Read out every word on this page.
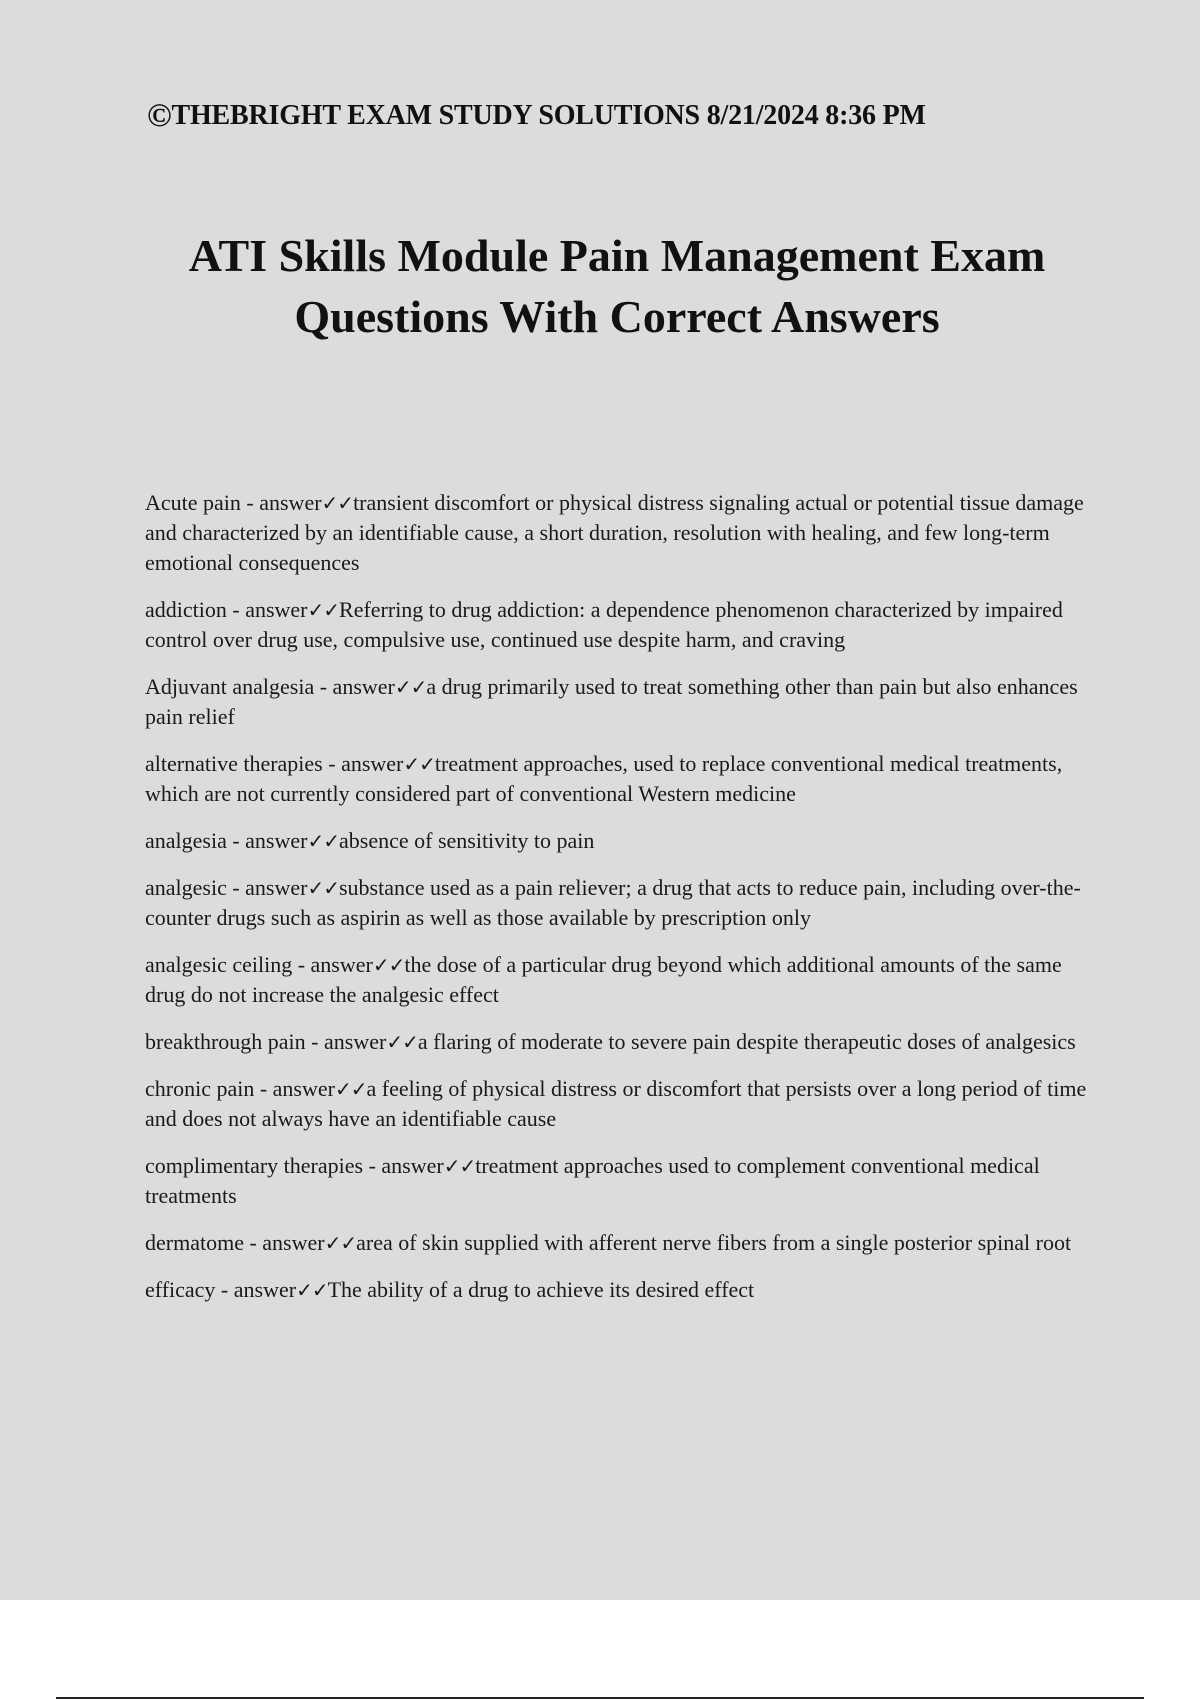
©THEBRIGHT EXAM STUDY SOLUTIONS 8/21/2024 8:36 PM
ATI Skills Module Pain Management Exam
Questions With Correct Answers
Acute pain - answer✓✓transient discomfort or physical distress signaling actual or potential tissue damage and characterized by an identifiable cause, a short duration, resolution with healing, and few long-term emotional consequences
addiction - answer✓✓Referring to drug addiction: a dependence phenomenon characterized by impaired control over drug use, compulsive use, continued use despite harm, and craving
Adjuvant analgesia - answer✓✓a drug primarily used to treat something other than pain but also enhances pain relief
alternative therapies - answer✓✓treatment approaches, used to replace conventional medical treatments, which are not currently considered part of conventional Western medicine
analgesia - answer✓✓absence of sensitivity to pain
analgesic - answer✓✓substance used as a pain reliever; a drug that acts to reduce pain, including over-the-counter drugs such as aspirin as well as those available by prescription only
analgesic ceiling - answer✓✓the dose of a particular drug beyond which additional amounts of the same drug do not increase the analgesic effect
breakthrough pain - answer✓✓a flaring of moderate to severe pain despite therapeutic doses of analgesics
chronic pain - answer✓✓a feeling of physical distress or discomfort that persists over a long period of time and does not always have an identifiable cause
complimentary therapies - answer✓✓treatment approaches used to complement conventional medical treatments
dermatome - answer✓✓area of skin supplied with afferent nerve fibers from a single posterior spinal root
efficacy - answer✓✓The ability of a drug to achieve its desired effect
